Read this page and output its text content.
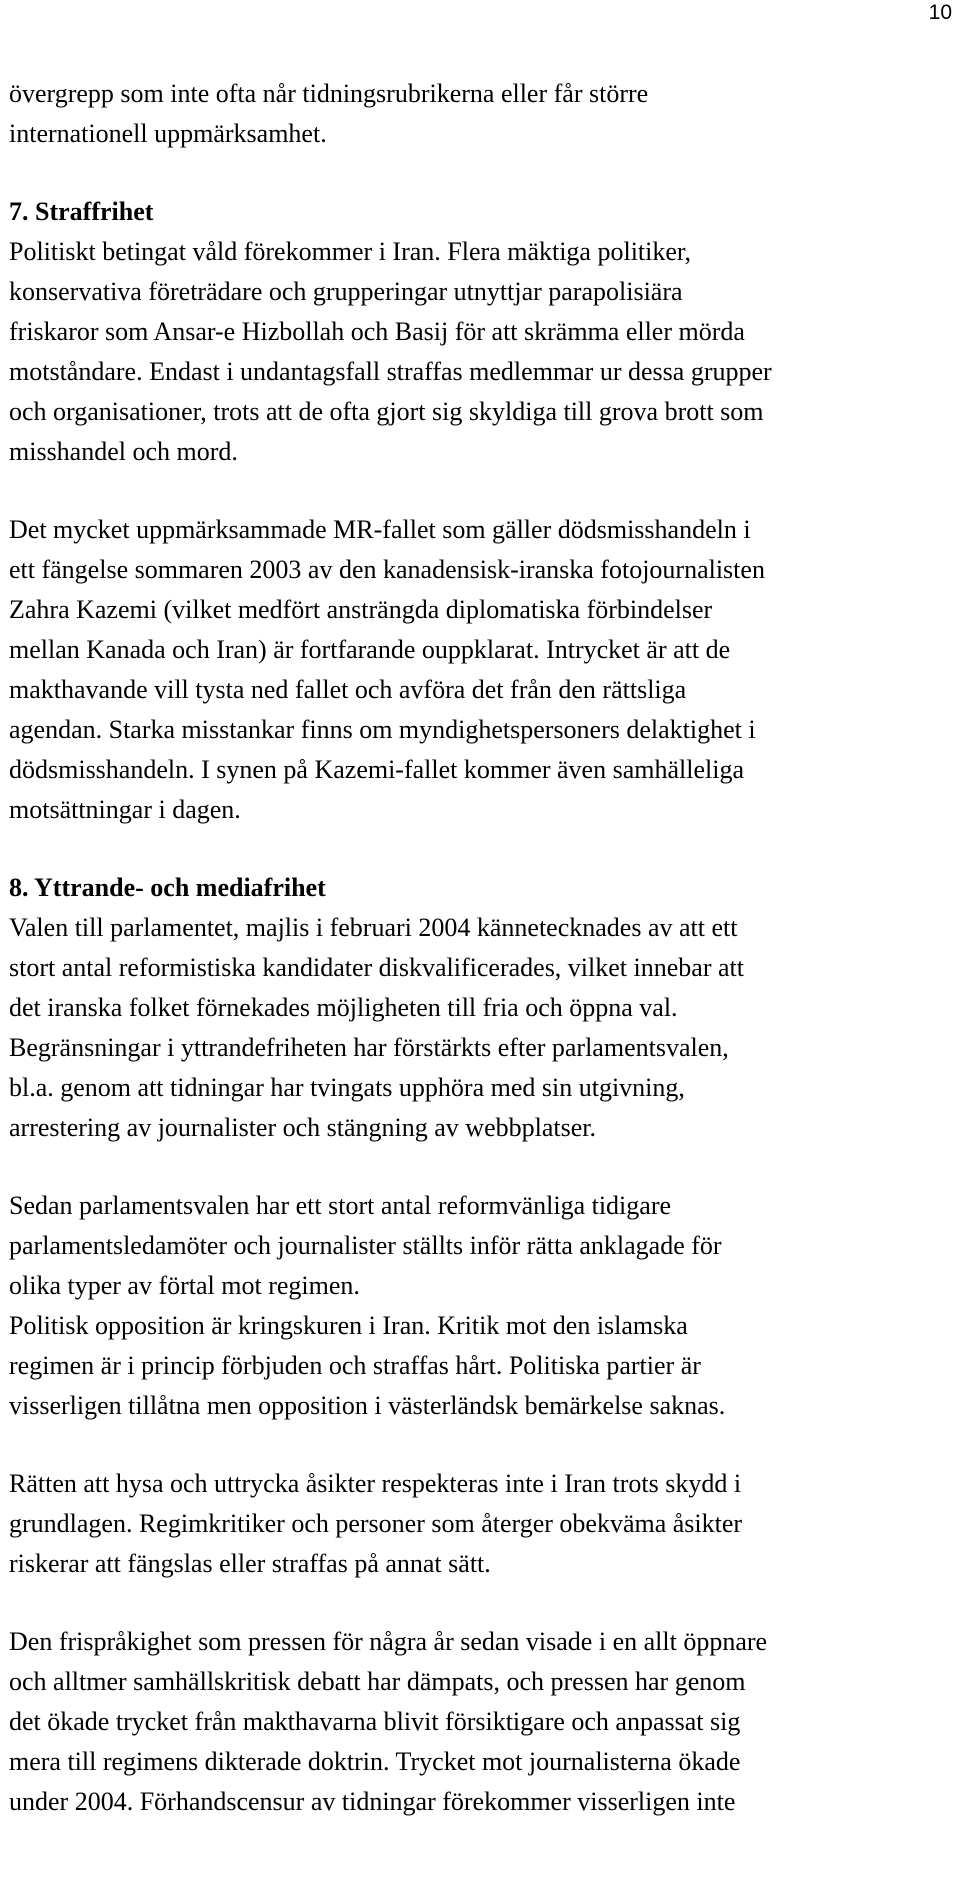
10
övergrepp som inte ofta når tidningsrubrikerna eller får större
internationell uppmärksamhet.
7. Straffrihet
Politiskt betingat våld förekommer i Iran. Flera mäktiga politiker,
konservativa företrädare och grupperingar utnyttjar parapolisiära
friskaror som Ansar-e Hizbollah och Basij för att skrämma eller mörda
motståndare. Endast i undantagsfall straffas medlemmar ur dessa grupper
och organisationer, trots att de ofta gjort sig skyldiga till grova brott som
misshandel och mord.
Det mycket uppmärksammade MR-fallet som gäller dödsmisshandeln i
ett fängelse sommaren 2003 av den kanadensisk-iranska fotojournalisten
Zahra Kazemi (vilket medfört ansträngda diplomatiska förbindelser
mellan Kanada och Iran) är fortfarande ouppklarat. Intrycket är att de
makthavande vill tysta ned fallet och avföra det från den rättsliga
agendan. Starka misstankar finns om myndighetspersoners delaktighet i
dödsmisshandeln. I synen på Kazemi-fallet kommer även samhälleliga
motsättningar i dagen.
8. Yttrande- och mediafrihet
Valen till parlamentet, majlis i februari 2004 kännetecknades av att ett
stort antal reformistiska kandidater diskvalificerades, vilket innebar att
det iranska folket förnekades möjligheten till fria och öppna val.
Begränsningar i yttrandefriheten har förstärkts efter parlamentsvalen,
bl.a. genom att tidningar har tvingats upphöra med sin utgivning,
arrestering av journalister och stängning av webbplatser.
Sedan parlamentsvalen har ett stort antal reformvänliga tidigare
parlamentsledamöter och journalister ställts inför rätta anklagade för
olika typer av förtal mot regimen.
Politisk opposition är kringskuren i Iran. Kritik mot den islamska
regimen är i princip förbjuden och straffas hårt. Politiska partier är
visserligen tillåtna men opposition i västerländsk bemärkelse saknas.
Rätten att hysa och uttrycka åsikter respekteras inte i Iran trots skydd i
grundlagen. Regimkritiker och personer som återger obekväma åsikter
riskerar att fängslas eller straffas på annat sätt.
Den frispråkighet som pressen för några år sedan visade i en allt öppnare
och alltmer samhällskritisk debatt har dämpats, och pressen har genom
det ökade trycket från makthavarna blivit försiktigare och anpassat sig
mera till regimens dikterade doktrin. Trycket mot journalisterna ökade
under 2004. Förhandscensur av tidningar förekommer visserligen inte
